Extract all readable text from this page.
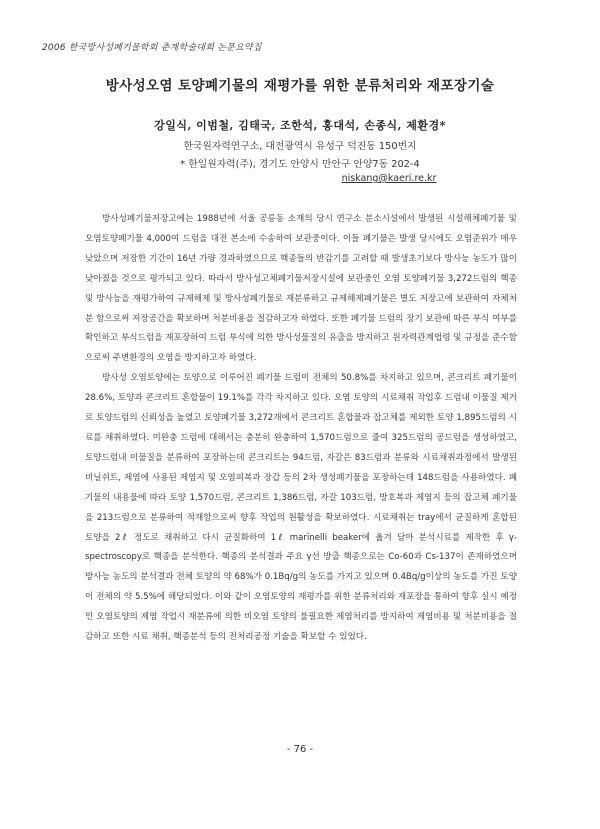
2006 한국방사성폐기물학회 춘계학술대회 논문요약집
방사성오염 토양폐기물의 재평가를 위한 분류처리와 재포장기술
강일식, 이범철, 김태국, 조한석, 홍대석, 손종식, 제환경*
한국원자력연구소, 대전광역시 유성구 덕진동 150번지
* 한일원자력(주), 경기도 안양시 만안구 안양7동 202-4
niskang@kaeri.re.kr

방사성폐기물저장고에는 1988년에 서울 공릉동 소재의 당시 연구소 분소시설에서 발생된 시설해체폐기물 및 오염토양폐기물 4,000여 드럼을 대전 본소에 수송하여 보관중이다. 이들 폐기물은 발생 당시에도 오염준위가 매우 낮았으며 저장한 기간이 16년 가량 경과하였으므로 핵종들의 반감기를 고려할 때 발생초기보다 방사능 농도가 많이 낮아졌을 것으로 평가되고 있다. 따라서 방사성고체폐기물저장시설에 보관중인 오염 토양폐기물 3,272드럼의 핵종 및 방사능을 재평가하여 규제해제 및 방사성폐기물로 재분류하고 규제해제폐기물은 별도 저장고에 보관하여 자체처분 함으로써 저장공간을 확보하며 처분비용을 절감하고자 하였다. 또한 폐기물 드럼의 장기 보관에 따른 부식 여부를 확인하고 부식드럼을 재포장하여 드럼 부식에 의한 방사성물질의 유출을 방지하고 원자력관계법령 및 규정을 준수함으로써 주변환경의 오염을 방지하고자 하였다.

방사성 오염토양에는 토양으로 이루어진 폐기물 드럼이 전체의 50.8%를 차지하고 있으며, 콘크리트 폐기물이 28.6%, 토양과 콘크리트 혼합물이 19.1%를 각각 차지하고 있다. 오염 토양의 시료채취 작업후 드럼내 이물질 제거로 토양드럼의 신뢰성을 높였고 토양폐기물 3,272개에서 콘크리트 혼합물과 잡고체를 제외한 토양 1,895드럼의 시료를 채취하였다. 미완충 드럼에 대해서는 충분히 완충하여 1,570드럼으로 줄여 325드럼의 공드럼을 생성하였고, 토양드럼내 이물질을 분류하여 포장하는데 콘크리트는 94드럼, 자갈은 83드럼과 분류와 시료채취과정에서 발생된 비닐쉬트, 제염에 사용된 제염지 및 오염피복과 장갑 등의 2차 생성폐기물을 포장하는데 148드럼을 사용하였다. 폐기물의 내용물에 따라 토양 1,570드럼, 콘크리트 1,386드럼, 자갈 103드럼, 방호복과 제염지 등의 잡고체 폐기물을 213드럼으로 분류하여 적재함으로써 향후 작업의 원활성을 확보하였다. 시료채취는 tray에서 균질하게 혼합된 토양을 2ℓ 정도로 채취하고 다시 균질화하여 1ℓ marinelli beaker에 옮겨 담아 분석시료를 제작한 후 γ-spectroscopy로 핵종을 분석한다. 핵종의 분석결과 주요 γ선 방출 핵종으로는 Co-60과 Cs-137이 존재하였으며 방사능 농도의 분석결과 전체 토양의 약 68%가 0.1Bq/g의 농도를 가지고 있으며 0.4Bq/g이상의 농도를 가진 토양이 전체의 약 5.5%에 해당되었다. 이와 같이 오염토양의 재평가를 위한 분류처리와 재포장을 통하여 향후 실시 예정인 오염토양의 제염 작업시 재분류에 의한 비오염 토양의 불필요한 제염처리를 방지하여 제염비용 및 처분비용을 절감하고 또한 시료 채취, 핵종분석 등의 전처리공정 기술을 확보할 수 있었다.

- 76 -
